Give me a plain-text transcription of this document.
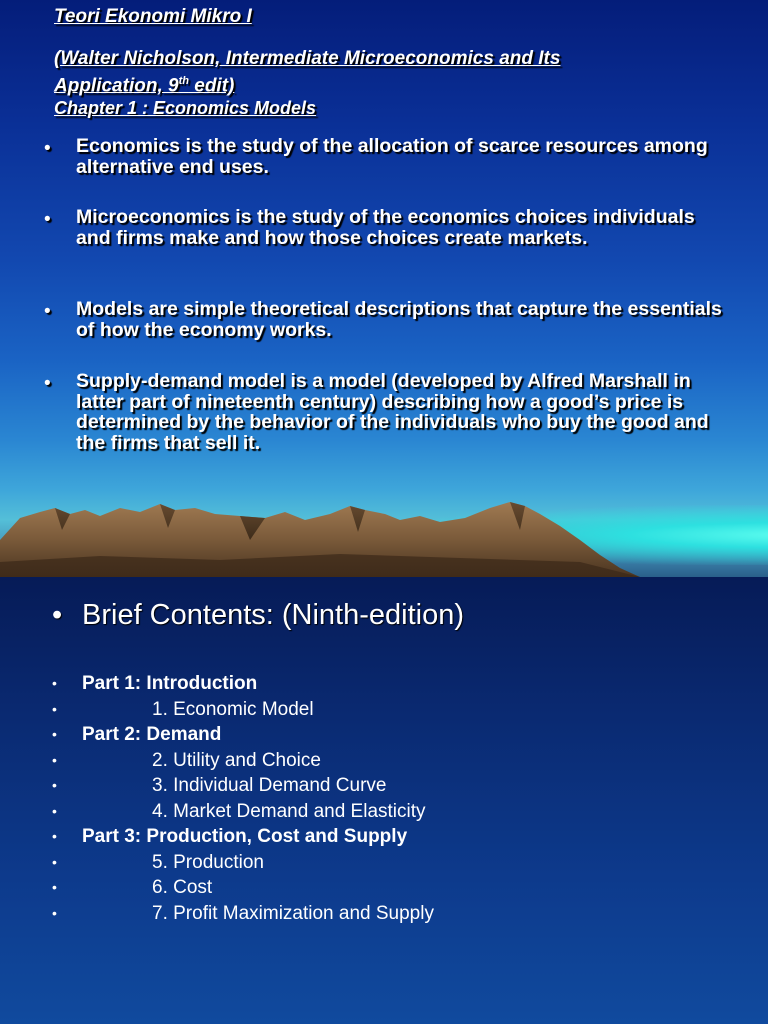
Teori Ekonomi Mikro I

(Walter Nicholson, Intermediate Microeconomics and Its

Application, 9th edit)

Chapter 1 : Economics Models

• Economics is the study of the allocation of scarce resources among alternative end uses.
• Microeconomics is the study of the economics choices individuals and firms make and how those choices create markets.
• Models are simple theoretical descriptions that capture the essentials of how the economy works.
• Supply-demand model is a model (developed by Alfred Marshall in latter part of nineteenth century) describing how a good’s price is determined by the behavior of the individuals who buy the good and the firms that sell it.
• Brief Contents: (Ninth-edition)
• Part 1: Introduction
•	1. Economic Model
• Part 2: Demand
•	2. Utility and Choice
•	3. Individual Demand Curve
•	4. Market Demand and Elasticity
• Part 3: Production, Cost and Supply
•	5. Production
•	6. Cost
•	7. Profit Maximization and Supply
